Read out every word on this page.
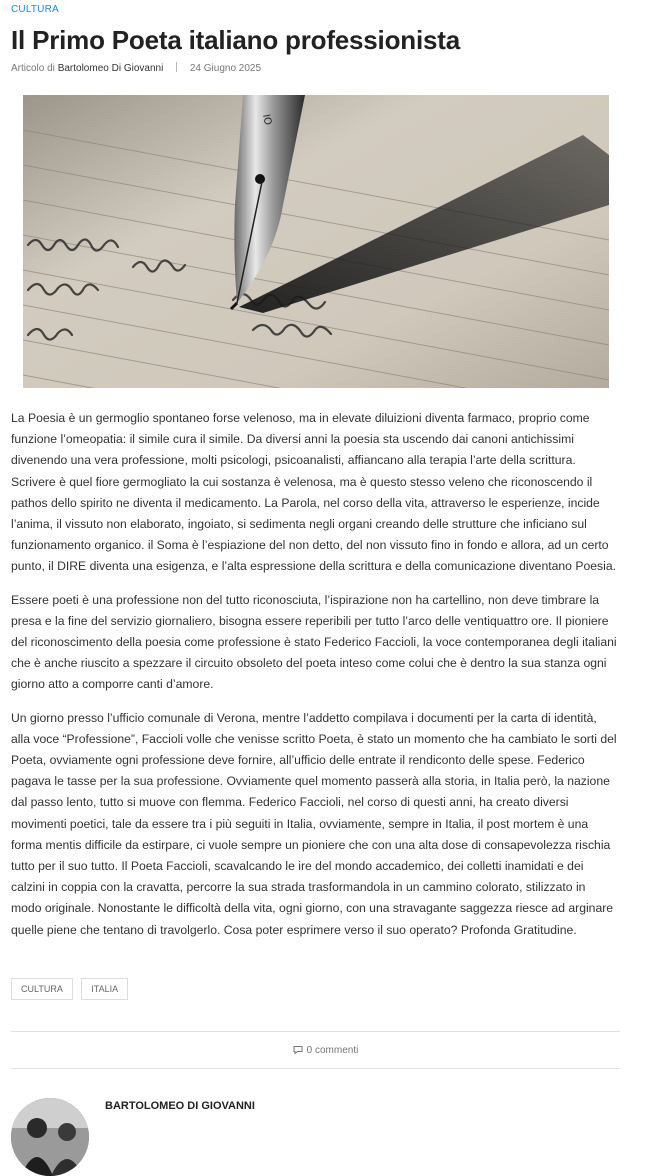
CULTURA
Il Primo Poeta italiano professionista
Articolo di Bartolomeo Di Giovanni	24 Giugno 2025
IO

La Poesia è un germoglio spontaneo forse velenoso, ma in elevate diluizioni diventa farmaco, proprio come funzione l’omeopatia: il simile cura il simile. Da diversi anni la poesia sta uscendo dai canoni antichissimi divenendo una vera professione, molti psicologi, psicoanalisti, affiancano alla terapia l’arte della scrittura. Scrivere è quel fiore germogliato la cui sostanza è velenosa, ma è questo stesso veleno che riconoscendo il pathos dello spirito ne diventa il medicamento. La Parola, nel corso della vita, attraverso le esperienze, incide l’anima, il vissuto non elaborato, ingoiato, si sedimenta negli organi creando delle strutture che inficiano sul funzionamento organico. il Soma è l’espiazione del non detto, del non vissuto fino in fondo e allora, ad un certo punto, il DIRE diventa una esigenza, e l’alta espressione della scrittura e della comunicazione diventano Poesia.

Essere poeti è una professione non del tutto riconosciuta, l’ispirazione non ha cartellino, non deve timbrare la presa e la fine del servizio giornaliero, bisogna essere reperibili per tutto l’arco delle ventiquattro ore. Il pioniere del riconoscimento della poesia come professione è stato Federico Faccioli, la voce contemporanea degli italiani che è anche riuscito a spezzare il circuito obsoleto del poeta inteso come colui che è dentro la sua stanza ogni giorno atto a comporre canti d’amore.

Un giorno presso l’ufficio comunale di Verona, mentre l’addetto compilava i documenti per la carta di identità, alla voce “Professione”, Faccioli volle che venisse scritto Poeta, è stato un momento che ha cambiato le sorti del Poeta, ovviamente ogni professione deve fornire, all’ufficio delle entrate il rendiconto delle spese. Federico pagava le tasse per la sua professione. Ovviamente quel momento passerà alla storia, in Italia però, la nazione dal passo lento, tutto si muove con flemma. Federico Faccioli, nel corso di questi anni, ha creato diversi movimenti poetici, tale da essere tra i più seguiti in Italia, ovviamente, sempre in Italia, il post mortem è una forma mentis difficile da estirpare, ci vuole sempre un pioniere che con una alta dose di consapevolezza rischia tutto per il suo tutto. Il Poeta Faccioli, scavalcando le ire del mondo accademico, dei colletti inamidati e dei calzini in coppia con la cravatta, percorre la sua strada trasformandola in un cammino colorato, stilizzato in modo originale. Nonostante le difficoltà della vita, ogni giorno, con una stravagante saggezza riesce ad arginare quelle piene che tentano di travolgerlo. Cosa poter esprimere verso il suo operato? Profonda Gratitudine.

CULTURA	ITALIA
0 commenti
BARTOLOMEO DI GIOVANNI
